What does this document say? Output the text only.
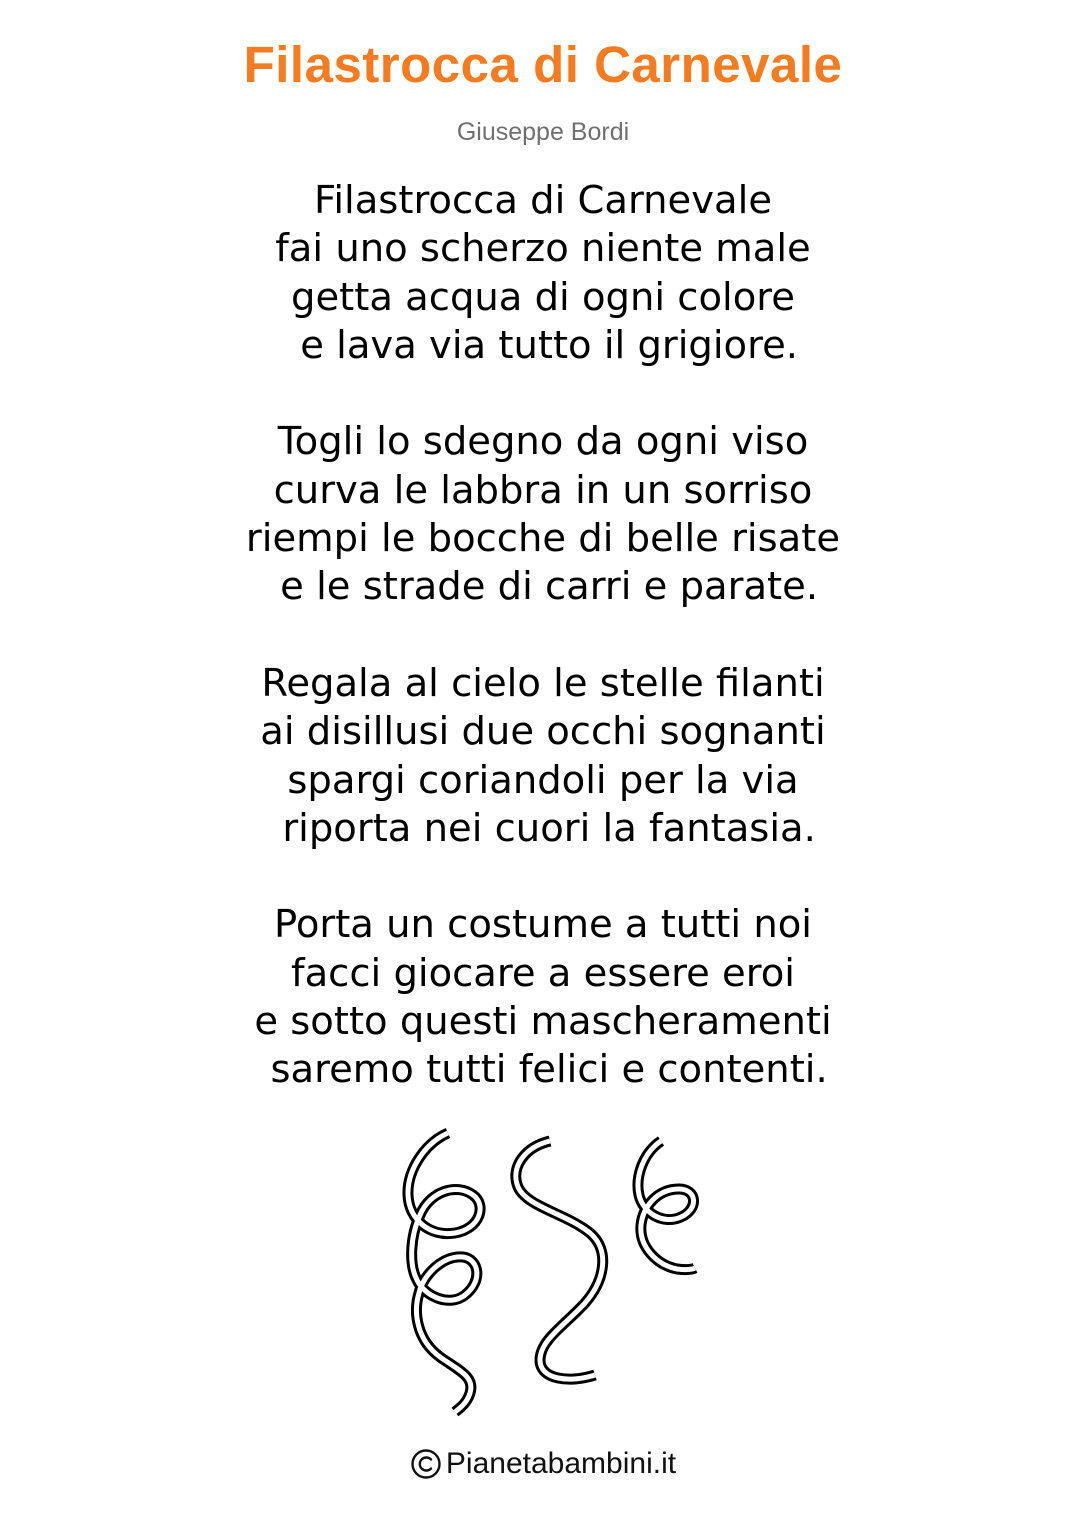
Filastrocca di Carnevale

Giuseppe Bordi

Filastrocca di Carnevale
fai uno scherzo niente male
getta acqua di ogni colore
e lava via tutto il grigiore.
Togli lo sdegno da ogni viso
curva le labbra in un sorriso
riempi le bocche di belle risate
e le strade di carri e parate.
Regala al cielo le stelle filanti
ai disillusi due occhi sognanti
spargi coriandoli per la via
riporta nei cuori la fantasia.
Porta un costume a tutti noi
facci giocare a essere eroi
e sotto questi mascheramenti
saremo tutti felici e contenti.
Pianetabambini.it
